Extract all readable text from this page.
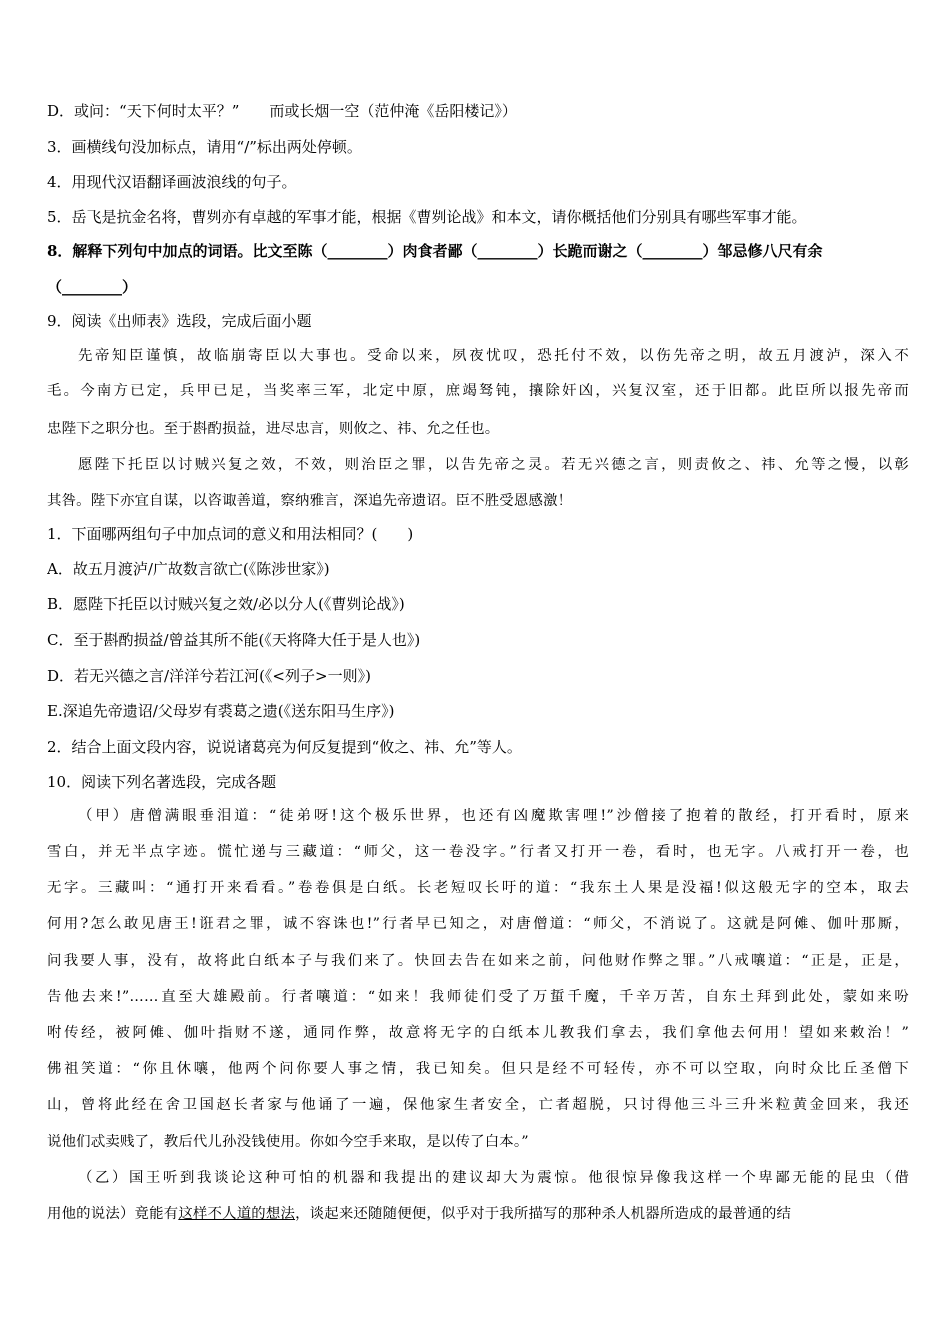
D．或问：“天下何时太平？”　　而或长烟一空（范仲淹《岳阳楼记》）
3．画横线句没加标点，请用“/”标出两处停顿。
4．用现代汉语翻译画波浪线的句子。
5．岳飞是抗金名将，曹刿亦有卓越的军事才能，根据《曹刿论战》和本文，请你概括他们分别具有哪些军事才能。
8．解释下列句中加点的词语。比文至陈（________）肉食者鄙（________）长跪而谢之（________）邹忌修八尺有余
（________）
9．阅读《出师表》选段，完成后面小题
先帝知臣谨慎，故临崩寄臣以大事也。受命以来，夙夜忧叹，恐托付不效，以伤先帝之明，故五月渡泸，深入不
毛。今南方已定，兵甲已足，当奖率三军，北定中原，庶竭驽钝，攘除奸凶，兴复汉室，还于旧都。此臣所以报先帝而
忠陛下之职分也。至于斟酌损益，进尽忠言，则攸之、祎、允之任也。
愿陛下托臣以讨贼兴复之效，不效，则治臣之罪，以告先帝之灵。若无兴德之言，则责攸之、祎、允等之慢，以彰
其咎。陛下亦宜自谋，以咨诹善道，察纳雅言，深追先帝遗诏。臣不胜受恩感激！
1．下面哪两组句子中加点词的意义和用法相同？(　　)
A．故五月渡泸/广故数言欲亡(《陈涉世家》)
B．愿陛下托臣以讨贼兴复之效/必以分人(《曹刿论战》)
C．至于斟酌损益/曾益其所不能(《天将降大任于是人也》)
D．若无兴德之言/洋洋兮若江河(《<列子>一则》)
E.深追先帝遗诏/父母岁有裘葛之遗(《送东阳马生序》)
2．结合上面文段内容，说说诸葛亮为何反复提到“攸之、祎、允”等人。
10．阅读下列名著选段，完成各题
（甲）唐僧满眼垂泪道：“徒弟呀!这个极乐世界，也还有凶魔欺害哩!”沙僧接了抱着的散经，打开看时，原来
雪白，并无半点字迹。慌忙递与三藏道：“师父，这一卷没字。”行者又打开一卷，看时，也无字。八戒打开一卷，也
无字。三藏叫：“通打开来看看。”卷卷俱是白纸。长老短叹长吁的道：“我东土人果是没福!似这般无字的空本，取去
何用?怎么敢见唐王!诳君之罪，诚不容诛也!”行者早已知之，对唐僧道：“师父，不消说了。这就是阿傩、伽叶那厮，
问我要人事，没有，故将此白纸本子与我们来了。快回去告在如来之前，问他财作弊之罪。”八戒嚷道：“正是，正是，
告他去来!”……直至大雄殿前。行者嚷道：“如来！我师徒们受了万蜇千魔，千辛万苦，自东土拜到此处，蒙如来吩
咐传经，被阿傩、伽叶指财不遂，通同作弊，故意将无字的白纸本儿教我们拿去，我们拿他去何用！望如来敕治！”
佛祖笑道：“你且休嚷，他两个问你要人事之情，我已知矣。但只是经不可轻传，亦不可以空取，向时众比丘圣僧下
山，曾将此经在舍卫国赵长者家与他诵了一遍，保他家生者安全，亡者超脱，只讨得他三斗三升米粒黄金回来，我还
说他们忒卖贱了，教后代儿孙没钱使用。你如今空手来取，是以传了白本。”
（乙）国王听到我谈论这种可怕的机器和我提出的建议却大为震惊。他很惊异像我这样一个卑鄙无能的昆虫（借
用他的说法）竟能有这样不人道的想法，谈起来还随随便便，似乎对于我所描写的那种杀人机器所造成的最普通的结
